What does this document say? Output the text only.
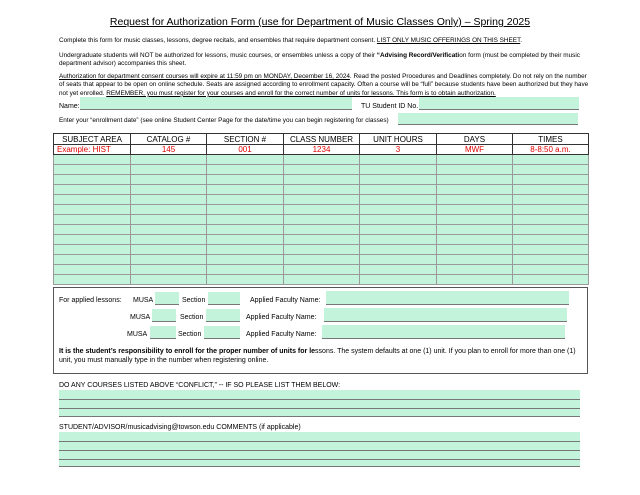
Request for Authorization Form (use for Department of Music Classes Only) – Spring 2025
Complete this form for music classes, lessons, degree recitals, and ensembles that require department consent. LIST ONLY MUSIC OFFERINGS ON THIS SHEET.
Undergraduate students will NOT be authorized for lessons, music courses, or ensembles unless a copy of their “Advising Record/Verification form (must be completed by their music department advisor) accompanies this sheet.
Authorization for department consent courses will expire at 11:59 pm on MONDAY, December 16, 2024. Read the posted Procedures and Deadlines completely. Do not rely on the number of seats that appear to be open on online schedule. Seats are assigned according to enrollment capacity. Often a course will be “full” because students have been authorized but they have not yet enrolled. REMEMBER, you must register for your courses and enroll for the correct number of units for lessons. This form is to obtain authorization.
Name:	TU Student ID No.
Enter your “enrollment date” (see online Student Center Page for the date/time you can begin registering for classes)
SUBJECT AREA	CATALOG #	SECTION #	CLASS NUMBER	UNIT HOURS	DAYS	TIMES
Example: HIST	145	001	1234	3	MWF	8-8:50 a.m.

For applied lessons: MUSA	Section	Applied Faculty Name:
MUSA	Section	Applied Faculty Name:
MUSA	Section	Applied Faculty Name:
It is the student’s responsibility to enroll for the proper number of units for lessons. The system defaults at one (1) unit. If you plan to enroll for more than one (1) unit, you must manually type in the number when registering online.
DO ANY COURSES LISTED ABOVE “CONFLICT,” -- IF SO PLEASE LIST THEM BELOW:
STUDENT/ADVISOR/musicadvising@towson.edu COMMENTS (if applicable)
